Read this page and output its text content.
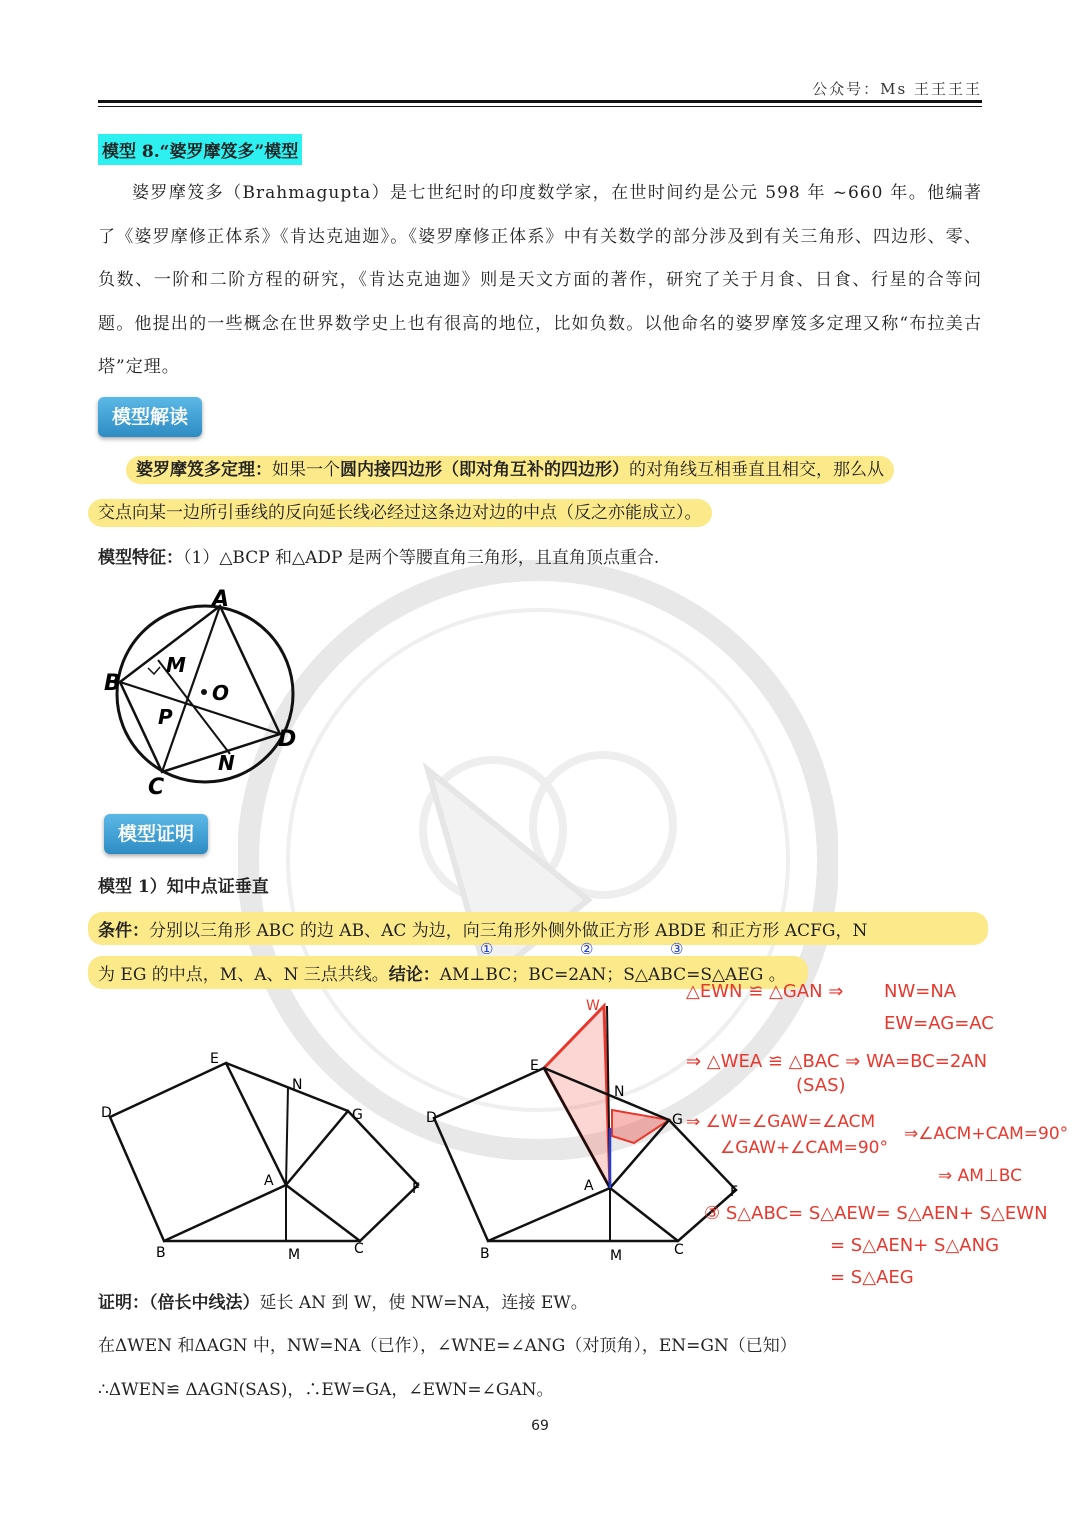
公众号：Ms 王王王王
模型 8.“婆罗摩笈多”模型
婆罗摩笈多（Brahmagupta）是七世纪时的印度数学家，在世时间约是公元 598 年 ~660 年。他编著了《婆罗摩修正体系》《肯达克迪迦》。《婆罗摩修正体系》中有关数学的部分涉及到有关三角形、四边形、零、负数、一阶和二阶方程的研究，《肯达克迪迦》则是天文方面的著作，研究了关于月食、日食、行星的合等问题。他提出的一些概念在世界数学史上也有很高的地位，比如负数。以他命名的婆罗摩笈多定理又称“布拉美古塔”定理。
模型解读
婆罗摩笈多定理：如果一个圆内接四边形（即对角互补的四边形）的对角线互相垂直且相交，那么从
交点向某一边所引垂线的反向延长线必经过这条边对边的中点（反之亦能成立）。
模型特征：（1）△BCP 和△ADP 是两个等腰直角三角形，且直角顶点重合.
A
B
C
D
M
N
O
P
模型证明
模型 1）知中点证垂直
条件：分别以三角形 ABC 的边 AB、AC 为边，向三角形外侧外做正方形 ABDE 和正方形 ACFG，N
为 EG 的中点，M、A、N 三点共线。结论：AM⊥BC；BC=2AN；S△ABC=S△AEG 。
①	②	③
D
E
N
G
A	F
B	M	C
D
E
W
N
G
A	F
B	M	C
△EWN ≌ △GAN ⇒ NW=NA
EW=AG=AC
⇒ △WEA ≌ △BAC ⇒ WA=BC=2AN
(SAS)
⇒ ∠W=∠GAW=∠ACM
∠GAW+∠CAM=90°
⇒∠ACM+CAM=90°
⇒ AM⊥BC
③ S△ABC= S△AEW= S△AEN+ S△EWN
= S△AEN+ S△ANG
= S△AEG
证明：（倍长中线法）延长 AN 到 W，使 NW=NA，连接 EW。
在ΔWEN 和ΔAGN 中，NW=NA（已作），∠WNE=∠ANG（对顶角），EN=GN（已知）
∴ΔWEN≌ ΔAGN(SAS)，∴EW=GA，∠EWN=∠GAN。
69
